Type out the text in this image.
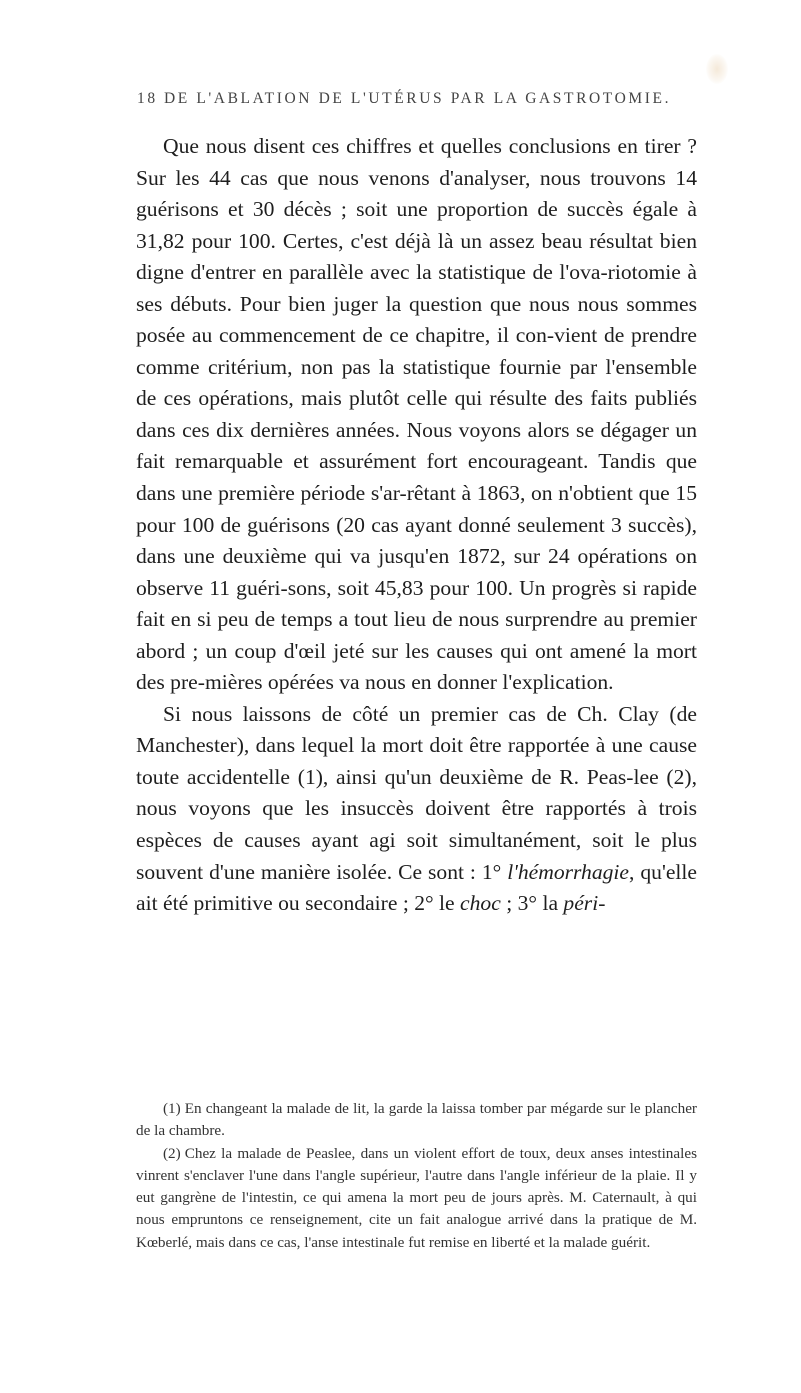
18 DE L'ABLATION DE L'UTÉRUS PAR LA GASTROTOMIE.

Que nous disent ces chiffres et quelles conclusions en tirer ? Sur les 44 cas que nous venons d'analyser, nous trouvons 14 guérisons et 30 décès ; soit une proportion de succès égale à 31,82 pour 100. Certes, c'est déjà là un assez beau résultat bien digne d'entrer en parallèle avec la statistique de l'ova-riotomie à ses débuts. Pour bien juger la question que nous nous sommes posée au commencement de ce chapitre, il con-vient de prendre comme critérium, non pas la statistique fournie par l'ensemble de ces opérations, mais plutôt celle qui résulte des faits publiés dans ces dix dernières années. Nous voyons alors se dégager un fait remarquable et assurément fort encourageant. Tandis que dans une première période s'ar-rêtant à 1863, on n'obtient que 15 pour 100 de guérisons (20 cas ayant donné seulement 3 succès), dans une deuxième qui va jusqu'en 1872, sur 24 opérations on observe 11 guéri-sons, soit 45,83 pour 100. Un progrès si rapide fait en si peu de temps a tout lieu de nous surprendre au premier abord ; un coup d'œil jeté sur les causes qui ont amené la mort des pre-mières opérées va nous en donner l'explication.

Si nous laissons de côté un premier cas de Ch. Clay (de Manchester), dans lequel la mort doit être rapportée à une cause toute accidentelle (1), ainsi qu'un deuxième de R. Peas-lee (2), nous voyons que les insuccès doivent être rapportés à trois espèces de causes ayant agi soit simultanément, soit le plus souvent d'une manière isolée. Ce sont : 1° l'hémorrhagie, qu'elle ait été primitive ou secondaire ; 2° le choc ; 3° la péri-

(1) En changeant la malade de lit, la garde la laissa tomber par mégarde sur le plancher de la chambre.

(2) Chez la malade de Peaslee, dans un violent effort de toux, deux anses intestinales vinrent s'enclaver l'une dans l'angle supérieur, l'autre dans l'angle inférieur de la plaie. Il y eut gangrène de l'intestin, ce qui amena la mort peu de jours après. M. Caternault, à qui nous empruntons ce renseignement, cite un fait analogue arrivé dans la pratique de M. Kœberlé, mais dans ce cas, l'anse intestinale fut remise en liberté et la malade guérit.
